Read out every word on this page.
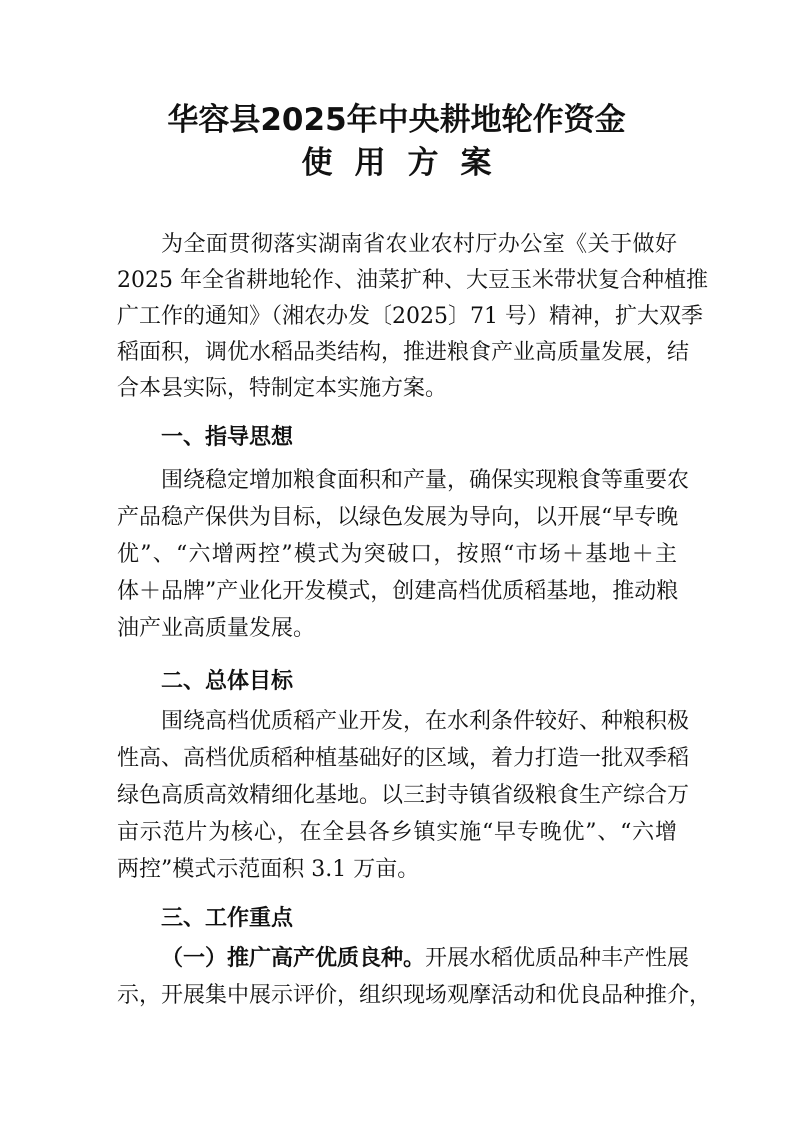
华容县2025年中央耕地轮作资金
使用方案
为全面贯彻落实湖南省农业农村厅办公室《关于做好
2025 年全省耕地轮作、油菜扩种、大豆玉米带状复合种植推
广工作的通知》（湘农办发〔2025〕71 号）精神，扩大双季
稻面积，调优水稻品类结构，推进粮食产业高质量发展，结
合本县实际，特制定本实施方案。
一、指导思想
围绕稳定增加粮食面积和产量，确保实现粮食等重要农
产品稳产保供为目标，以绿色发展为导向，以开展“早专晚
优”、“六增两控”模式为突破口，按照“市场＋基地＋主
体＋品牌”产业化开发模式，创建高档优质稻基地，推动粮
油产业高质量发展。
二、总体目标
围绕高档优质稻产业开发，在水利条件较好、种粮积极
性高、高档优质稻种植基础好的区域，着力打造一批双季稻
绿色高质高效精细化基地。以三封寺镇省级粮食生产综合万
亩示范片为核心，在全县各乡镇实施“早专晚优”、“六增
两控”模式示范面积 3.1 万亩。
三、工作重点
（一）推广高产优质良种。开展水稻优质品种丰产性展
示，开展集中展示评价，组织现场观摩活动和优良品种推介，
